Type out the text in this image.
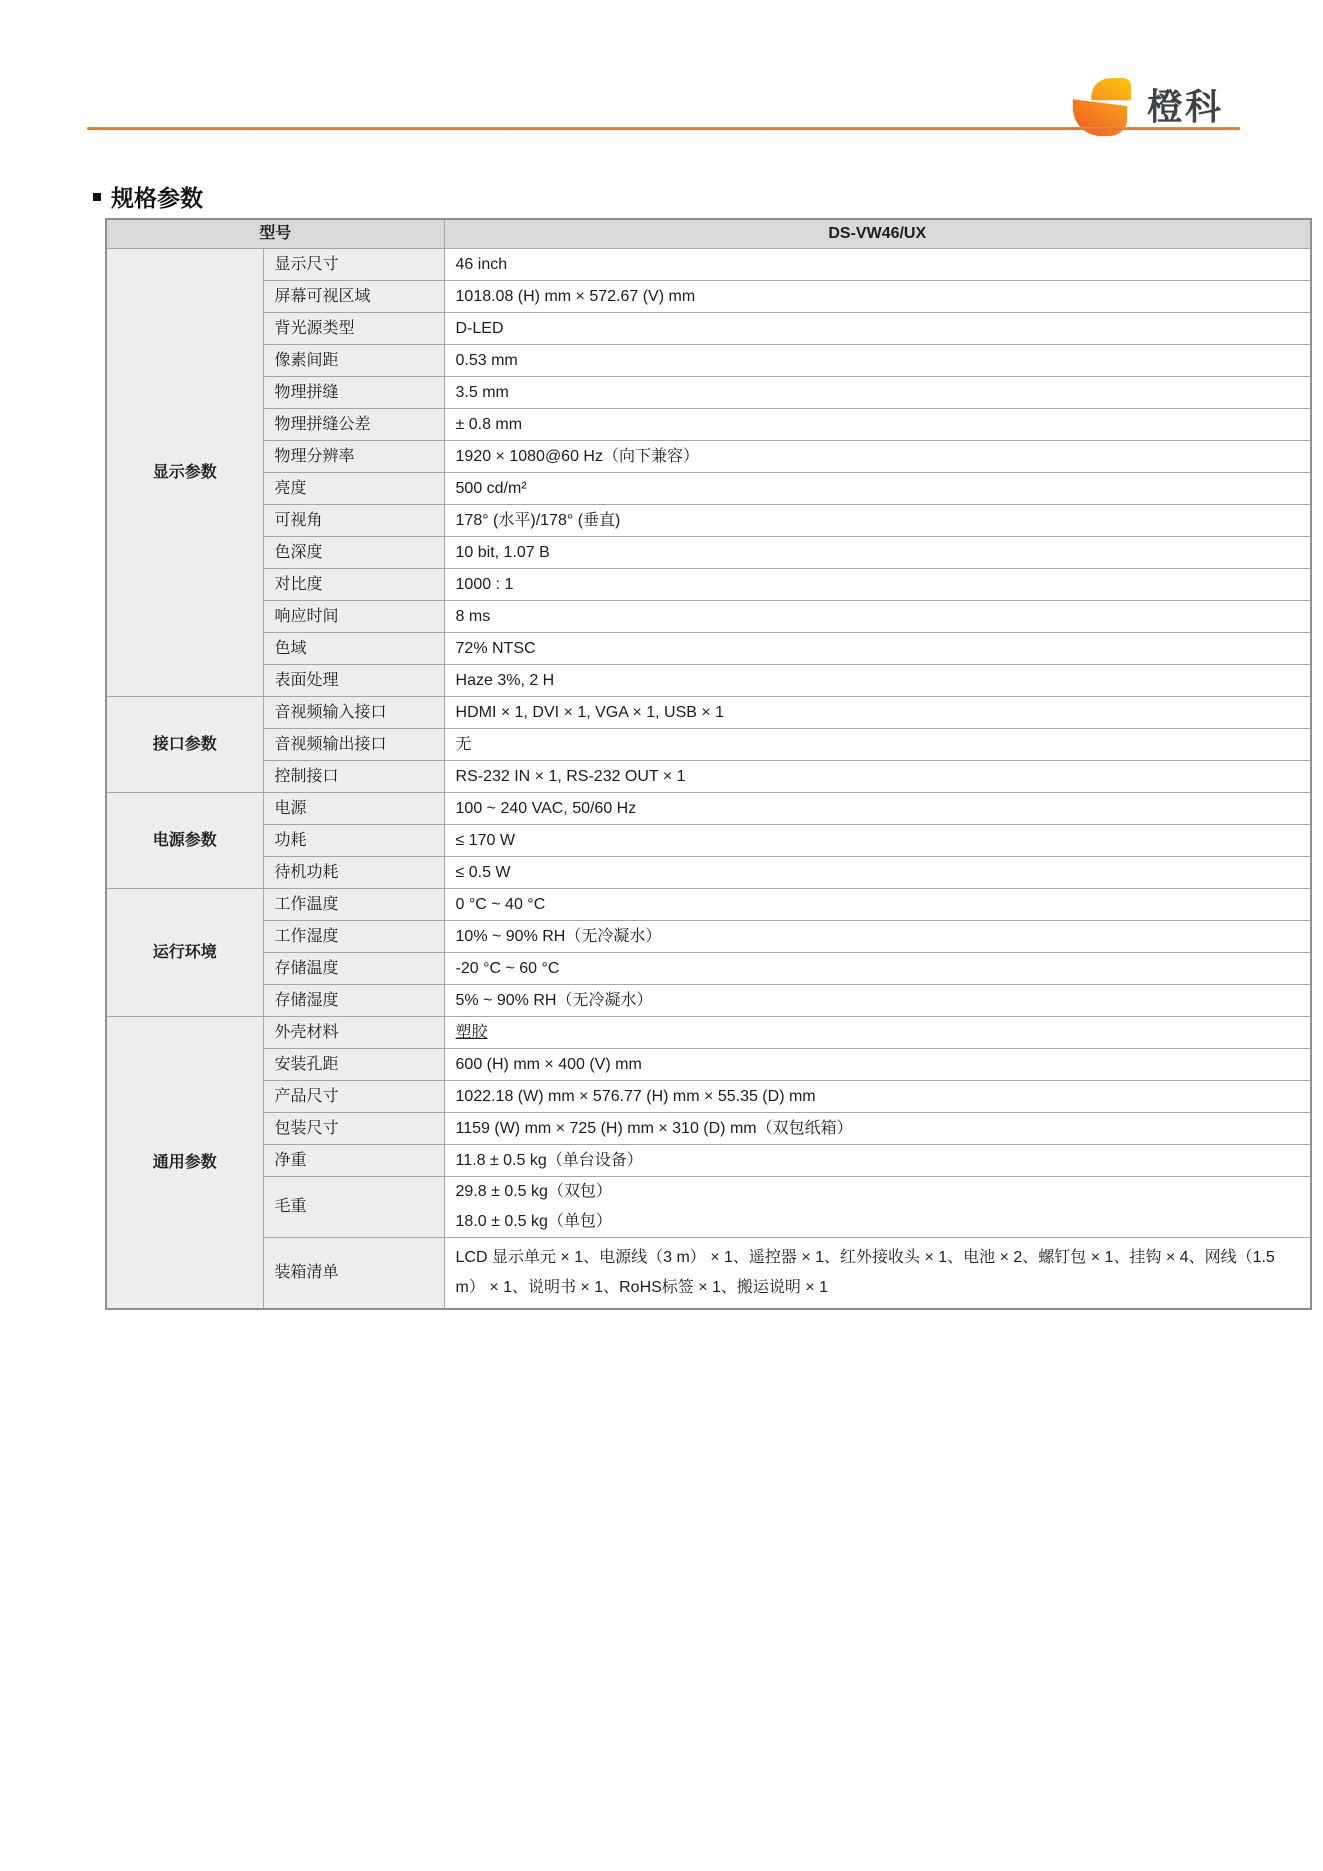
橙科
规格参数
型号		DS-VW46/UX
显示参数	显示尺寸	46 inch
	屏幕可视区域	1018.08 (H) mm × 572.67 (V) mm
	背光源类型	D-LED
	像素间距	0.53 mm
	物理拼缝	3.5 mm
	物理拼缝公差	± 0.8 mm
	物理分辨率	1920 × 1080@60 Hz（向下兼容）
	亮度	500 cd/m²
	可视角	178° (水平)/178° (垂直)
	色深度	10 bit, 1.07 B
	对比度	1000 : 1
	响应时间	8 ms
	色域	72% NTSC
	表面处理	Haze 3%, 2 H
接口参数	音视频输入接口	HDMI × 1, DVI × 1, VGA × 1, USB × 1
	音视频输出接口	无
	控制接口	RS-232 IN × 1, RS-232 OUT × 1
电源参数	电源	100 ~ 240 VAC, 50/60 Hz
	功耗	≤ 170 W
	待机功耗	≤ 0.5 W
运行环境	工作温度	0 °C ~ 40 °C
	工作湿度	10% ~ 90% RH（无冷凝水）
	存储温度	-20 °C ~ 60 °C
	存储湿度	5% ~ 90% RH（无冷凝水）
通用参数	外壳材料	塑胶
	安装孔距	600 (H) mm × 400 (V) mm
	产品尺寸	1022.18 (W) mm × 576.77 (H) mm × 55.35 (D) mm
	包装尺寸	1159 (W) mm × 725 (H) mm × 310 (D) mm（双包纸箱）
	净重	11.8 ± 0.5 kg（单台设备）
	毛重	29.8 ± 0.5 kg（双包）
18.0 ± 0.5 kg（单包）

	装箱清单	LCD 显示单元 × 1、电源线（3 m） × 1、遥控器 × 1、红外接收头 × 1、电池 × 2、螺钉包 × 1、挂钩 × 4、网线（1.5 m） × 1、说明书 × 1、RoHS标签 × 1、搬运说明 × 1
